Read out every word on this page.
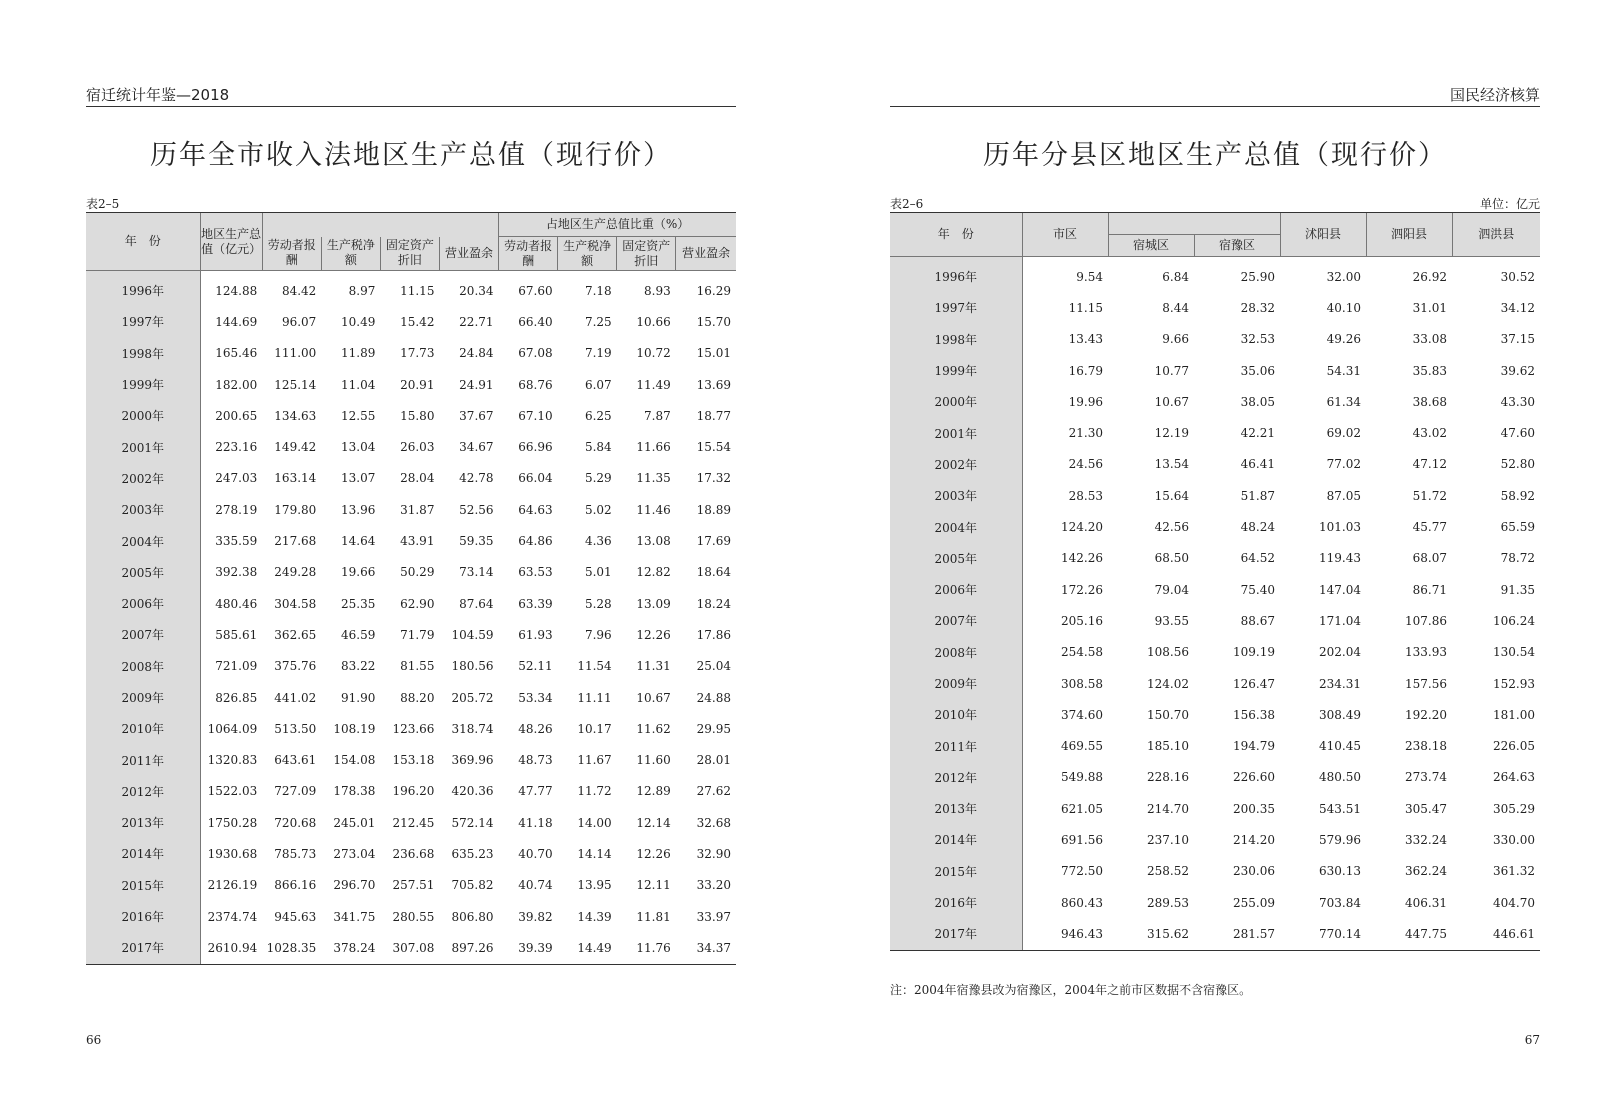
宿迁统计年鉴—2018
历年全市收入法地区生产总值（现行价）
表2–5
年　份	地区生产总值（亿元）					占地区生产总值比重（%）			
		劳动者报酬	生产税净额	固定资产折旧	营业盈余	劳动者报酬	生产税净额	固定资产折旧	营业盈余
1996年	124.88	84.42	8.97	11.15	20.34	67.60	7.18	8.93	16.29
1997年	144.69	96.07	10.49	15.42	22.71	66.40	7.25	10.66	15.70
1998年	165.46	111.00	11.89	17.73	24.84	67.08	7.19	10.72	15.01
1999年	182.00	125.14	11.04	20.91	24.91	68.76	6.07	11.49	13.69
2000年	200.65	134.63	12.55	15.80	37.67	67.10	6.25	7.87	18.77
2001年	223.16	149.42	13.04	26.03	34.67	66.96	5.84	11.66	15.54
2002年	247.03	163.14	13.07	28.04	42.78	66.04	5.29	11.35	17.32
2003年	278.19	179.80	13.96	31.87	52.56	64.63	5.02	11.46	18.89
2004年	335.59	217.68	14.64	43.91	59.35	64.86	4.36	13.08	17.69
2005年	392.38	249.28	19.66	50.29	73.14	63.53	5.01	12.82	18.64
2006年	480.46	304.58	25.35	62.90	87.64	63.39	5.28	13.09	18.24
2007年	585.61	362.65	46.59	71.79	104.59	61.93	7.96	12.26	17.86
2008年	721.09	375.76	83.22	81.55	180.56	52.11	11.54	11.31	25.04
2009年	826.85	441.02	91.90	88.20	205.72	53.34	11.11	10.67	24.88
2010年	1064.09	513.50	108.19	123.66	318.74	48.26	10.17	11.62	29.95
2011年	1320.83	643.61	154.08	153.18	369.96	48.73	11.67	11.60	28.01
2012年	1522.03	727.09	178.38	196.20	420.36	47.77	11.72	12.89	27.62
2013年	1750.28	720.68	245.01	212.45	572.14	41.18	14.00	12.14	32.68
2014年	1930.68	785.73	273.04	236.68	635.23	40.70	14.14	12.26	32.90
2015年	2126.19	866.16	296.70	257.51	705.82	40.74	13.95	12.11	33.20
2016年	2374.74	945.63	341.75	280.55	806.80	39.82	14.39	11.81	33.97
2017年	2610.94	1028.35	378.24	307.08	897.26	39.39	14.49	11.76	34.37
66
国民经济核算
历年分县区地区生产总值（现行价）
表2–6	单位：亿元
年　份	市区			沭阳县	泗阳县	泗洪县
		宿城区	宿豫区			
1996年	9.54	6.84	25.90	32.00	26.92	30.52
1997年	11.15	8.44	28.32	40.10	31.01	34.12
1998年	13.43	9.66	32.53	49.26	33.08	37.15
1999年	16.79	10.77	35.06	54.31	35.83	39.62
2000年	19.96	10.67	38.05	61.34	38.68	43.30
2001年	21.30	12.19	42.21	69.02	43.02	47.60
2002年	24.56	13.54	46.41	77.02	47.12	52.80
2003年	28.53	15.64	51.87	87.05	51.72	58.92
2004年	124.20	42.56	48.24	101.03	45.77	65.59
2005年	142.26	68.50	64.52	119.43	68.07	78.72
2006年	172.26	79.04	75.40	147.04	86.71	91.35
2007年	205.16	93.55	88.67	171.04	107.86	106.24
2008年	254.58	108.56	109.19	202.04	133.93	130.54
2009年	308.58	124.02	126.47	234.31	157.56	152.93
2010年	374.60	150.70	156.38	308.49	192.20	181.00
2011年	469.55	185.10	194.79	410.45	238.18	226.05
2012年	549.88	228.16	226.60	480.50	273.74	264.63
2013年	621.05	214.70	200.35	543.51	305.47	305.29
2014年	691.56	237.10	214.20	579.96	332.24	330.00
2015年	772.50	258.52	230.06	630.13	362.24	361.32
2016年	860.43	289.53	255.09	703.84	406.31	404.70
2017年	946.43	315.62	281.57	770.14	447.75	446.61
注：2004年宿豫县改为宿豫区，2004年之前市区数据不含宿豫区。
67
